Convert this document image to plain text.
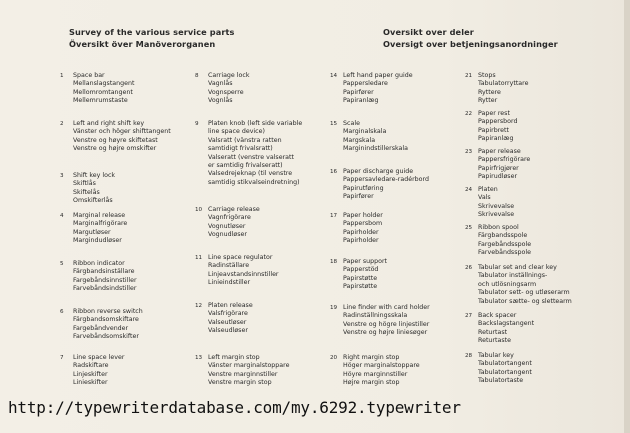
Survey of the various service parts
Översikt över Manöverorganen
Oversikt over deler
Oversigt over betjeningsanordninger
1	Space bar
Mellanslagstangent
Mellomromtangent
Mellemrumstaste
2	Left and right shift key
Vänster och höger shifttangent
Venstre og høyre skiftetast
Venstre og højre omskifter
3	Shift key lock
Skiftlås
Skiftelås
Omskifterlås
4	Marginal release
Marginalfrigörare
Margutløser
Margindudløser
5	Ribbon indicator
Färgbandsinställare
Fargebåndsinnstiller
Farvebåndsindstiller
6	Ribbon reverse switch
Färgbandsomskiftare
Fargebåndvender
Farvebåndsomskifter
7	Line space lever
Radskiftare
Linjeskifter
Linieskifter
8	Carriage lock
Vagnlås
Vognsperre
Vognlås
9	Platen knob (left side variable
line space device)
Valsratt (vänstra ratten
samtidigt frivalsratt)
Valseratt (venstre valseratt
er samtidig frivalseratt)
Valsedrejeknap (til venstre
samtidig stikvalseindretning)
10 Carriage release
Vagnfrigörare
Vognutløser
Vognudløser
11 Line space regulator
Radinställare
Linjeavstandsinnstiller
Linieindstiller
12 Platen release
Valsfrigörare
Valseutløser
Valseudløser
13 Left margin stop
Vänster marginalstoppare
Venstre marginnstiller
Venstre margin stop
14 Left hand paper guide
Pappersledare
Papirfører
Papiranlæg
15 Scale
Marginalskala
Margskala
Marginindstillerskala
16 Paper discharge guide
Pappersavledare-radérbord
Papirutføring
Papirfører
17 Paper holder
Pappersbom
Papirholder
Papirholder
18 Paper support
Papperstöd
Papirstøtte
Papirstøtte
19 Line finder with card holder
Radinställningsskala
Venstre og högre linjestiller
Venstre og højre liniesøger
20 Right margin stop
Höger marginalstoppare
Höyre marginnstiller
Højre margin stop
21 Stops
Tabulatorryttare
Ryttere
Rytter
22 Paper rest
Pappersbord
Papirbrett
Papiranlæg
23 Paper release
Pappersfrigörare
Papirfrigjører
Papirudløser
24 Platen
Vals
Skrivevalse
Skrivevalse
25 Ribbon spool
Färgbandsspole
Fargebåndsspole
Farvebåndsspole
26 Tabular set and clear key
Tabulator inställnings-
och utlösningsarm
Tabulator sett- og utløserarm
Tabulator sætte- og slettearm
27 Back spacer
Backslagstangent
Returtast
Returtaste
28 Tabular key
Tabulatortangent
Tabulatortangent
Tabulatortaste
http://typewriterdatabase.com/my.6292.typewriter
